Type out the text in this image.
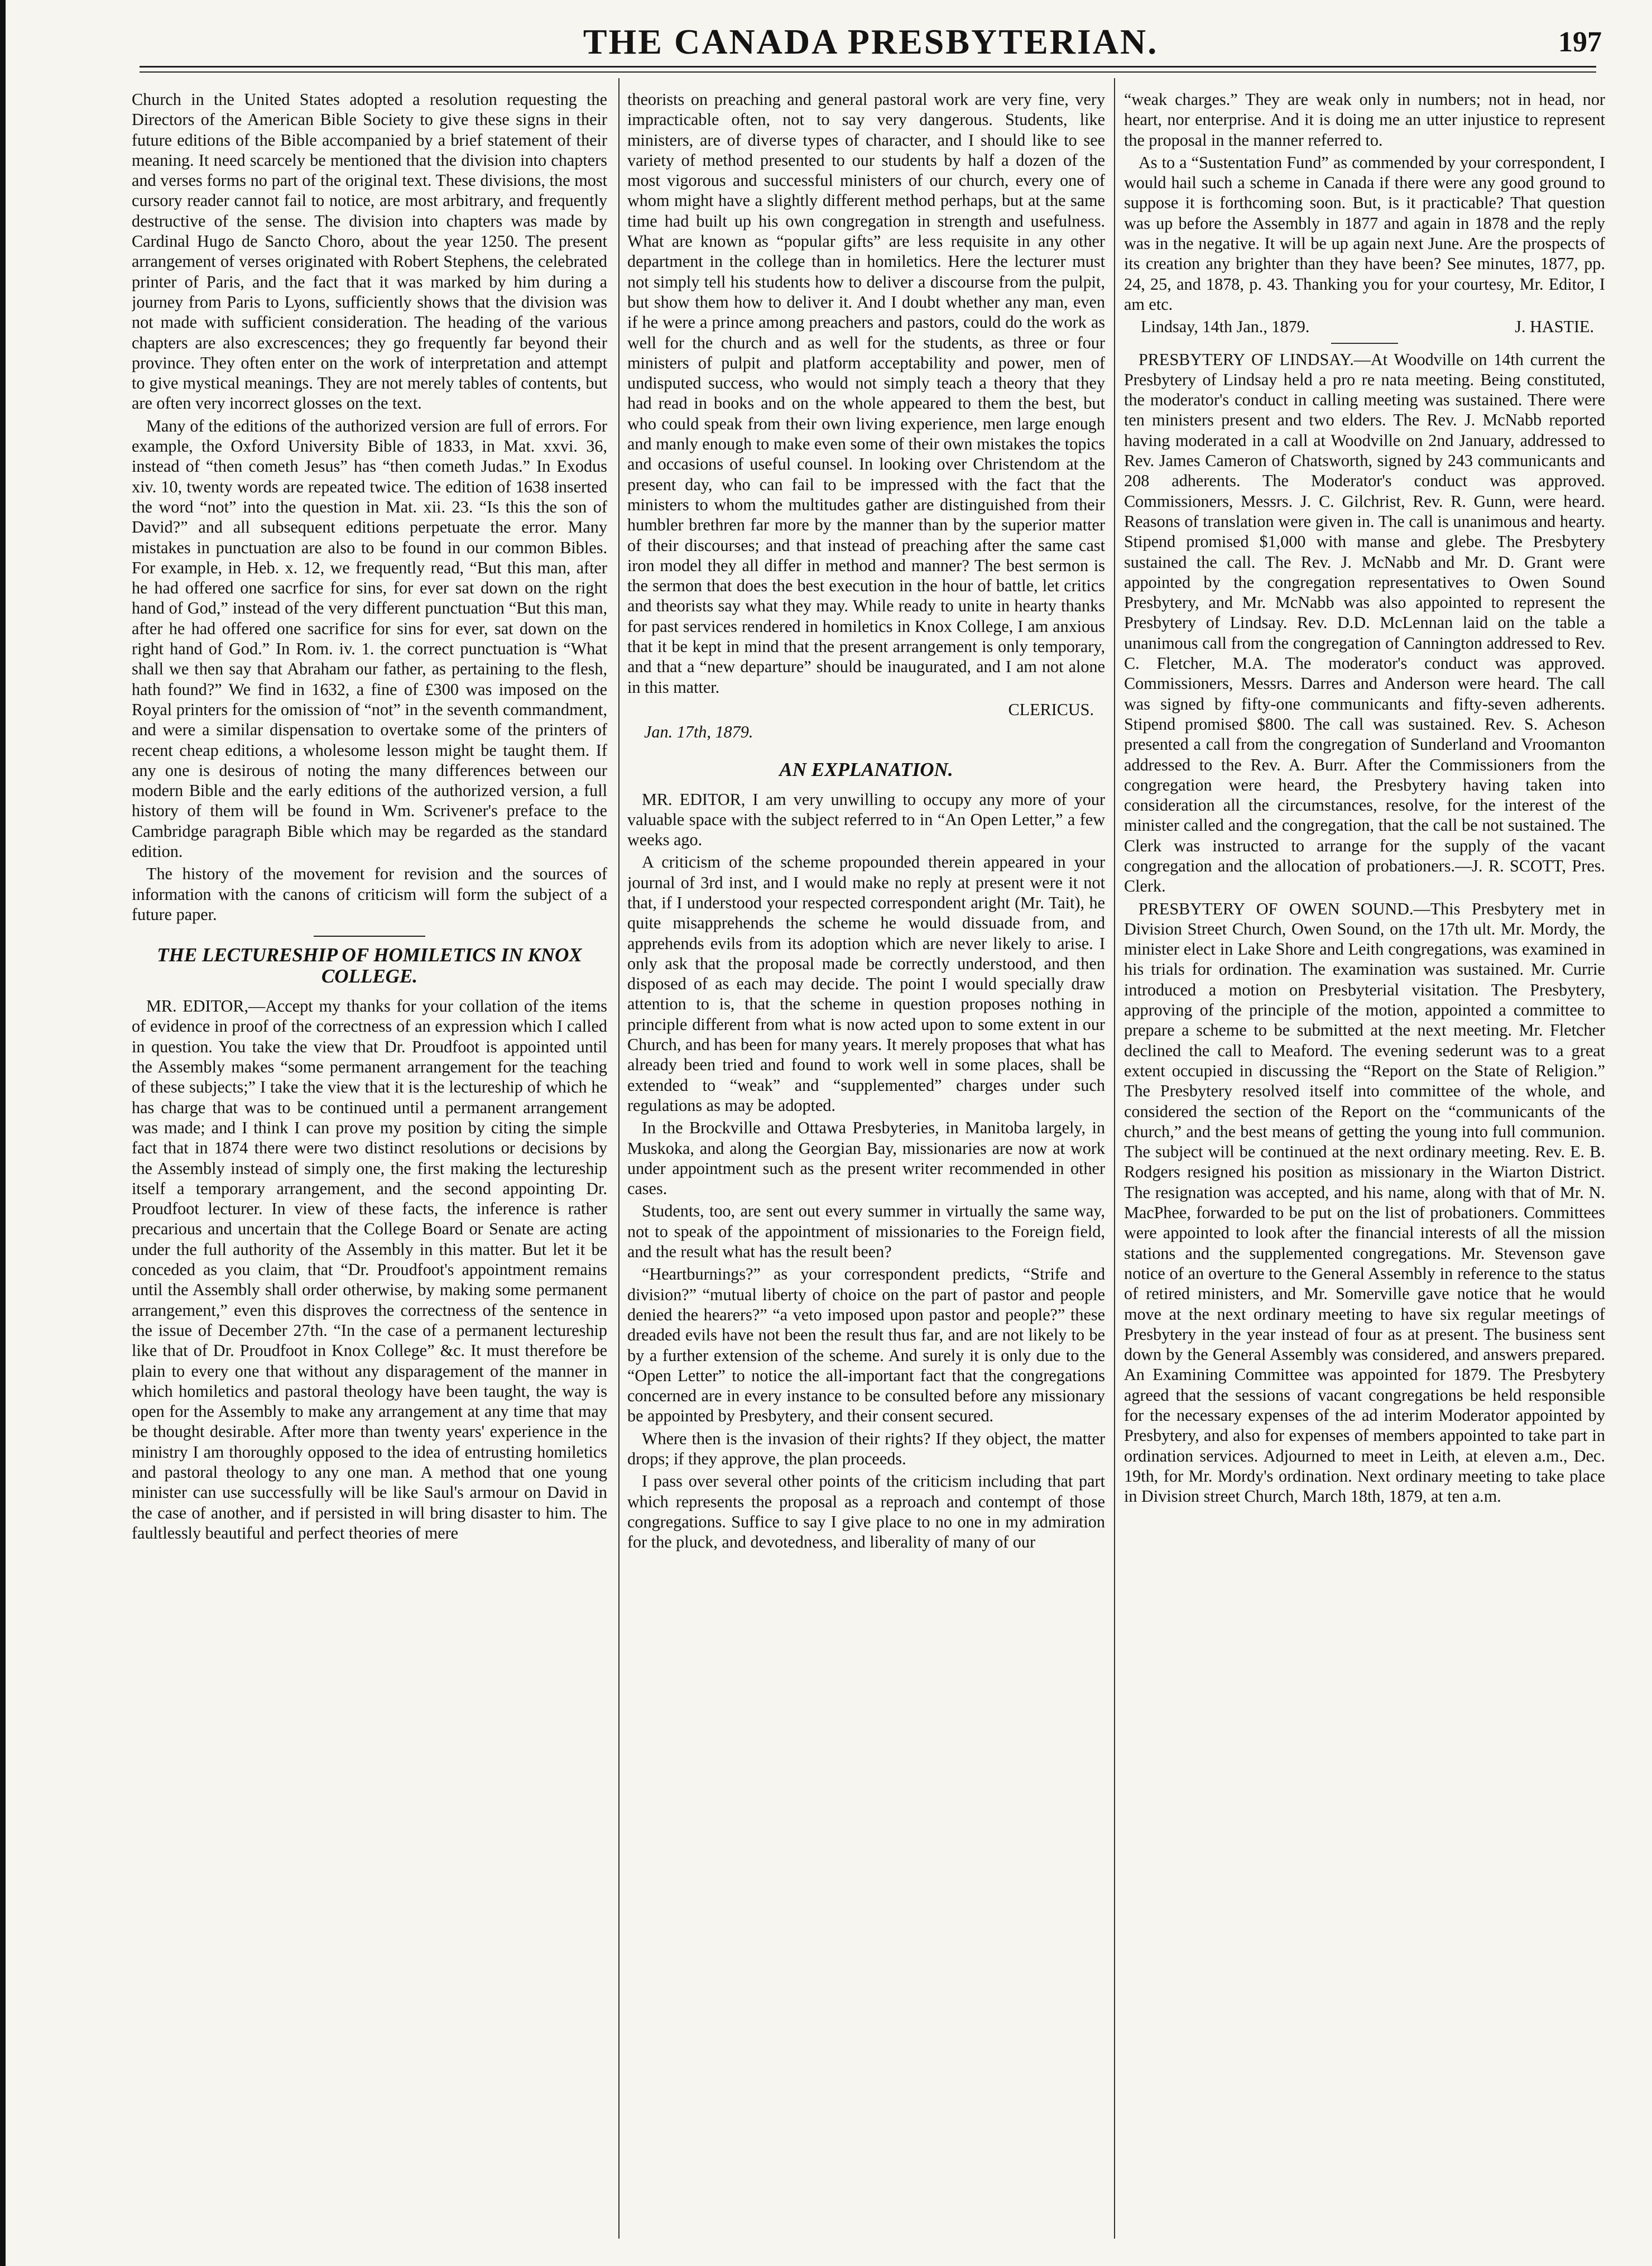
THE CANADA PRESBYTERIAN.	197

Church in the United States adopted a resolution requesting the Directors of the American Bible Society to give these signs in their future editions of the Bible accompanied by a brief statement of their meaning. It need scarcely be mentioned that the division into chapters and verses forms no part of the original text. These divisions, the most cursory reader cannot fail to notice, are most arbitrary, and frequently destructive of the sense. The division into chapters was made by Cardinal Hugo de Sancto Choro, about the year 1250. The present arrangement of verses originated with Robert Stephens, the celebrated printer of Paris, and the fact that it was marked by him during a journey from Paris to Lyons, sufficiently shows that the division was not made with sufficient consideration. The heading of the various chapters are also excrescences; they go frequently far beyond their province. They often enter on the work of interpretation and attempt to give mystical meanings. They are not merely tables of contents, but are often very incorrect glosses on the text.

Many of the editions of the authorized version are full of errors. For example, the Oxford University Bible of 1833, in Mat. xxvi. 36, instead of “then cometh Jesus” has “then cometh Judas.” In Exodus xiv. 10, twenty words are repeated twice. The edition of 1638 inserted the word “not” into the question in Mat. xii. 23. “Is this the son of David?” and all subsequent editions perpetuate the error. Many mistakes in punctuation are also to be found in our common Bibles. For example, in Heb. x. 12, we frequently read, “But this man, after he had offered one sacrfice for sins, for ever sat down on the right hand of God,” instead of the very different punctuation “But this man, after he had offered one sacrifice for sins for ever, sat down on the right hand of God.” In Rom. iv. 1. the correct punctuation is “What shall we then say that Abraham our father, as pertaining to the flesh, hath found?” We find in 1632, a fine of £300 was imposed on the Royal printers for the omission of “not” in the seventh commandment, and were a similar dispensation to overtake some of the printers of recent cheap editions, a wholesome lesson might be taught them. If any one is desirous of noting the many differences between our modern Bible and the early editions of the authorized version, a full history of them will be found in Wm. Scrivener's preface to the Cambridge paragraph Bible which may be regarded as the standard edition.

The history of the movement for revision and the sources of information with the canons of criticism will form the subject of a future paper.

THE LECTURESHIP OF HOMILETICS IN KNOX COLLEGE.

MR. EDITOR,—Accept my thanks for your collation of the items of evidence in proof of the correctness of an expression which I called in question. You take the view that Dr. Proudfoot is appointed until the Assembly makes “some permanent arrangement for the teaching of these subjects;” I take the view that it is the lectureship of which he has charge that was to be continued until a permanent arrangement was made; and I think I can prove my position by citing the simple fact that in 1874 there were two distinct resolutions or decisions by the Assembly instead of simply one, the first making the lectureship itself a temporary arrangement, and the second appointing Dr. Proudfoot lecturer. In view of these facts, the inference is rather precarious and uncertain that the College Board or Senate are acting under the full authority of the Assembly in this matter. But let it be conceded as you claim, that “Dr. Proudfoot's appointment remains until the Assembly shall order otherwise, by making some permanent arrangement,” even this disproves the correctness of the sentence in the issue of December 27th. “In the case of a permanent lectureship like that of Dr. Proudfoot in Knox College” &c. It must therefore be plain to every one that without any disparagement of the manner in which homiletics and pastoral theology have been taught, the way is open for the Assembly to make any arrangement at any time that may be thought desirable. After more than twenty years' experience in the ministry I am thoroughly opposed to the idea of entrusting homiletics and pastoral theology to any one man. A method that one young minister can use successfully will be like Saul's armour on David in the case of another, and if persisted in will bring disaster to him. The faultlessly beautiful and perfect theories of mere

theorists on preaching and general pastoral work are very fine, very impracticable often, not to say very dangerous. Students, like ministers, are of diverse types of character, and I should like to see variety of method presented to our students by half a dozen of the most vigorous and successful ministers of our church, every one of whom might have a slightly different method perhaps, but at the same time had built up his own congregation in strength and usefulness. What are known as “popular gifts” are less requisite in any other department in the college than in homiletics. Here the lecturer must not simply tell his students how to deliver a discourse from the pulpit, but show them how to deliver it. And I doubt whether any man, even if he were a prince among preachers and pastors, could do the work as well for the church and as well for the students, as three or four ministers of pulpit and platform acceptability and power, men of undisputed success, who would not simply teach a theory that they had read in books and on the whole appeared to them the best, but who could speak from their own living experience, men large enough and manly enough to make even some of their own mistakes the topics and occasions of useful counsel. In looking over Christendom at the present day, who can fail to be impressed with the fact that the ministers to whom the multitudes gather are distinguished from their humbler brethren far more by the manner than by the superior matter of their discourses; and that instead of preaching after the same cast iron model they all differ in method and manner? The best sermon is the sermon that does the best execution in the hour of battle, let critics and theorists say what they may. While ready to unite in hearty thanks for past services rendered in homiletics in Knox College, I am anxious that it be kept in mind that the present arrangement is only temporary, and that a “new departure” should be inaugurated, and I am not alone in this matter.

CLERICUS.
Jan. 17th, 1879.
AN EXPLANATION.

MR. EDITOR, I am very unwilling to occupy any more of your valuable space with the subject referred to in “An Open Letter,” a few weeks ago.

A criticism of the scheme propounded therein appeared in your journal of 3rd inst, and I would make no reply at present were it not that, if I understood your respected correspondent aright (Mr. Tait), he quite misapprehends the scheme he would dissuade from, and apprehends evils from its adoption which are never likely to arise. I only ask that the proposal made be correctly understood, and then disposed of as each may decide. The point I would specially draw attention to is, that the scheme in question proposes nothing in principle different from what is now acted upon to some extent in our Church, and has been for many years. It merely proposes that what has already been tried and found to work well in some places, shall be extended to “weak” and “supplemented” charges under such regulations as may be adopted.

In the Brockville and Ottawa Presbyteries, in Manitoba largely, in Muskoka, and along the Georgian Bay, missionaries are now at work under appointment such as the present writer recommended in other cases.

Students, too, are sent out every summer in virtually the same way, not to speak of the appointment of missionaries to the Foreign field, and the result what has the result been?

“Heartburnings?” as your correspondent predicts, “Strife and division?” “mutual liberty of choice on the part of pastor and people denied the hearers?” “a veto imposed upon pastor and people?” these dreaded evils have not been the result thus far, and are not likely to be by a further extension of the scheme. And surely it is only due to the “Open Letter” to notice the all-important fact that the congregations concerned are in every instance to be consulted before any missionary be appointed by Presbytery, and their consent secured.

Where then is the invasion of their rights? If they object, the matter drops; if they approve, the plan proceeds.

I pass over several other points of the criticism including that part which represents the proposal as a reproach and contempt of those congregations. Suffice to say I give place to no one in my admiration for the pluck, and devotedness, and liberality of many of our

“weak charges.” They are weak only in numbers; not in head, nor heart, nor enterprise. And it is doing me an utter injustice to represent the proposal in the manner referred to.

As to a “Sustentation Fund” as commended by your correspondent, I would hail such a scheme in Canada if there were any good ground to suppose it is forthcoming soon. But, is it practicable? That question was up before the Assembly in 1877 and again in 1878 and the reply was in the negative. It will be up again next June. Are the prospects of its creation any brighter than they have been? See minutes, 1877, pp. 24, 25, and 1878, p. 43. Thanking you for your courtesy, Mr. Editor, I am etc.

Lindsay, 14th Jan., 1879.	J. HASTIE.

PRESBYTERY OF LINDSAY.—At Woodville on 14th current the Presbytery of Lindsay held a pro re nata meeting. Being constituted, the moderator's conduct in calling meeting was sustained. There were ten ministers present and two elders. The Rev. J. McNabb reported having moderated in a call at Woodville on 2nd January, addressed to Rev. James Cameron of Chatsworth, signed by 243 communicants and 208 adherents. The Moderator's conduct was approved. Commissioners, Messrs. J. C. Gilchrist, Rev. R. Gunn, were heard. Reasons of translation were given in. The call is unanimous and hearty. Stipend promised $1,000 with manse and glebe. The Presbytery sustained the call. The Rev. J. McNabb and Mr. D. Grant were appointed by the congregation representatives to Owen Sound Presbytery, and Mr. McNabb was also appointed to represent the Presbytery of Lindsay. Rev. D.D. McLennan laid on the table a unanimous call from the congregation of Cannington addressed to Rev. C. Fletcher, M.A. The moderator's conduct was approved. Commissioners, Messrs. Darres and Anderson were heard. The call was signed by fifty-one communicants and fifty-seven adherents. Stipend promised $800. The call was sustained. Rev. S. Acheson presented a call from the congregation of Sunderland and Vroomanton addressed to the Rev. A. Burr. After the Commissioners from the congregation were heard, the Presbytery having taken into consideration all the circumstances, resolve, for the interest of the minister called and the congregation, that the call be not sustained. The Clerk was instructed to arrange for the supply of the vacant congregation and the allocation of probationers.—J. R. SCOTT, Pres. Clerk.

PRESBYTERY OF OWEN SOUND.—This Presbytery met in Division Street Church, Owen Sound, on the 17th ult. Mr. Mordy, the minister elect in Lake Shore and Leith congregations, was examined in his trials for ordination. The examination was sustained. Mr. Currie introduced a motion on Presbyterial visitation. The Presbytery, approving of the principle of the motion, appointed a committee to prepare a scheme to be submitted at the next meeting. Mr. Fletcher declined the call to Meaford. The evening sederunt was to a great extent occupied in discussing the “Report on the State of Religion.” The Presbytery resolved itself into committee of the whole, and considered the section of the Report on the “communicants of the church,” and the best means of getting the young into full communion. The subject will be continued at the next ordinary meeting. Rev. E. B. Rodgers resigned his position as missionary in the Wiarton District. The resignation was accepted, and his name, along with that of Mr. N. MacPhee, forwarded to be put on the list of probationers. Committees were appointed to look after the financial interests of all the mission stations and the supplemented congregations. Mr. Stevenson gave notice of an overture to the General Assembly in reference to the status of retired ministers, and Mr. Somerville gave notice that he would move at the next ordinary meeting to have six regular meetings of Presbytery in the year instead of four as at present. The business sent down by the General Assembly was considered, and answers prepared. An Examining Committee was appointed for 1879. The Presbytery agreed that the sessions of vacant congregations be held responsible for the necessary expenses of the ad interim Moderator appointed by Presbytery, and also for expenses of members appointed to take part in ordination services. Adjourned to meet in Leith, at eleven a.m., Dec. 19th, for Mr. Mordy's ordination. Next ordinary meeting to take place in Division street Church, March 18th, 1879, at ten a.m.
